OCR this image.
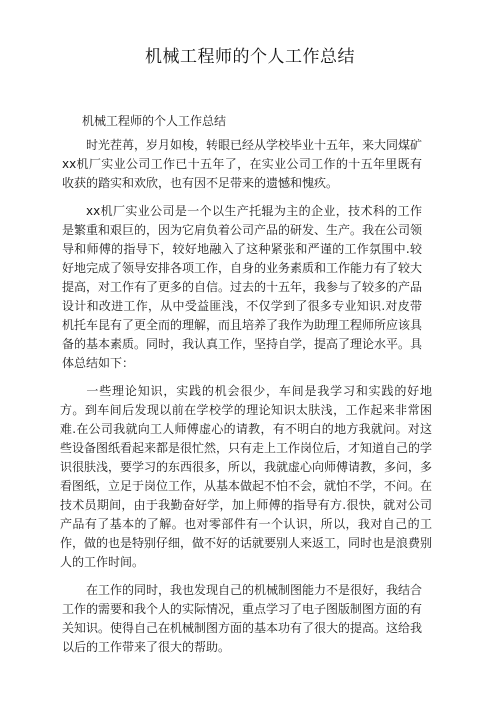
机械工程师的个人工作总结
机械工程师的个人工作总结

时光茬苒，岁月如梭，转眼已经从学校毕业十五年，来大同煤矿xx机厂实业公司工作已十五年了，在实业公司工作的十五年里既有收获的踏实和欢欣，也有因不足带来的遗憾和愧疚。

xx机厂实业公司是一个以生产托辊为主的企业，技术科的工作是繁重和艰巨的，因为它肩负着公司产品的研发、生产。我在公司领导和师傅的指导下，较好地融入了这种紧张和严谨的工作氛围中.较好地完成了领导安排各项工作，自身的业务素质和工作能力有了较大提高，对工作有了更多的自信。过去的十五年，我参与了较多的产品设计和改进工作，从中受益匪浅，不仅学到了很多专业知识.对皮带机托车昆有了更全而的理解，而且培养了我作为助理工程师所应该具备的基本素质。同时，我认真工作，坚持自学，提高了理论水平。具体总结如下：

一些理论知识，实践的机会很少，车间是我学习和实践的好地方。到车间后发现以前在学校学的理论知识太肤浅，工作起来非常困难.在公司我就向工人师傅虚心的请教，有不明白的地方我就问。对这些设备图纸看起来都是很忙然，只有走上工作岗位后，才知道自己的学识很肤浅，要学习的东西很多，所以，我就虚心向师傅请教，多问，多看图纸，立足于岗位工作，从基本做起不怕不会，就怕不学，不问。在技术员期间，由于我勤奋好学，加上师傅的指导有方.很快，就对公司产品有了基本的了解。也对零部件有一个认识，所以，我对自己的工作，做的也是特别仔细，做不好的话就要别人来返工，同时也是浪费别人的工作时间。

在工作的同时，我也发现自己的机械制图能力不是很好，我结合工作的需要和我个人的实际情况，重点学习了电子图版制图方面的有关知识。使得自己在机械制图方面的基本功有了很大的提高。这给我以后的工作带来了很大的帮助。
